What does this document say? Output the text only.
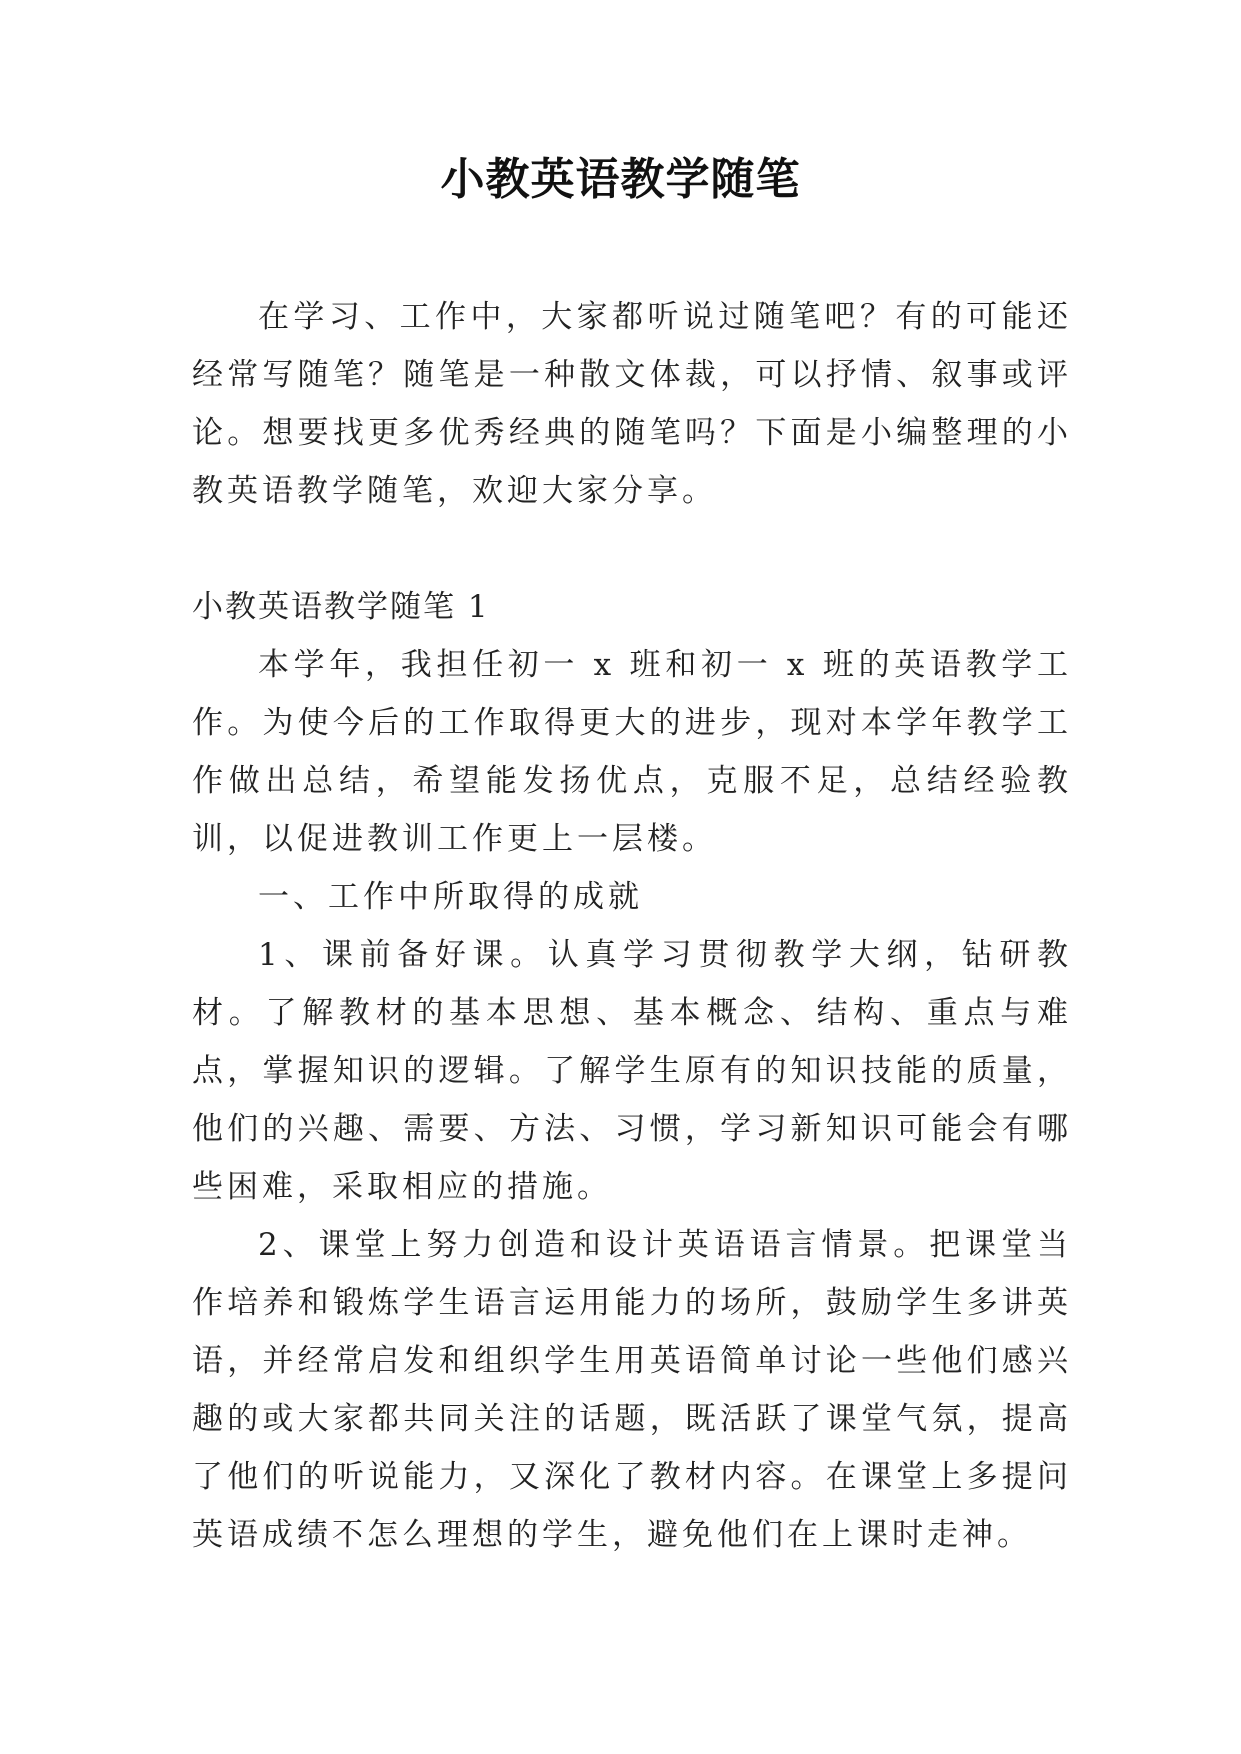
小教英语教学随笔

在学习、工作中，大家都听说过随笔吧？有的可能还经常写随笔？随笔是一种散文体裁，可以抒情、叙事或评论。想要找更多优秀经典的随笔吗？下面是小编整理的小教英语教学随笔，欢迎大家分享。

小教英语教学随笔 1

本学年，我担任初一 x 班和初一 x 班的英语教学工作。为使今后的工作取得更大的进步，现对本学年教学工作做出总结，希望能发扬优点，克服不足，总结经验教训，以促进教训工作更上一层楼。

一、工作中所取得的成就

1、课前备好课。认真学习贯彻教学大纲，钻研教材。了解教材的基本思想、基本概念、结构、重点与难点，掌握知识的逻辑。了解学生原有的知识技能的质量，他们的兴趣、需要、方法、习惯，学习新知识可能会有哪些困难，采取相应的措施。

2、课堂上努力创造和设计英语语言情景。把课堂当作培养和锻炼学生语言运用能力的场所，鼓励学生多讲英语，并经常启发和组织学生用英语简单讨论一些他们感兴趣的或大家都共同关注的话题，既活跃了课堂气氛，提高了他们的听说能力，又深化了教材内容。在课堂上多提问英语成绩不怎么理想的学生，避免他们在上课时走神。
